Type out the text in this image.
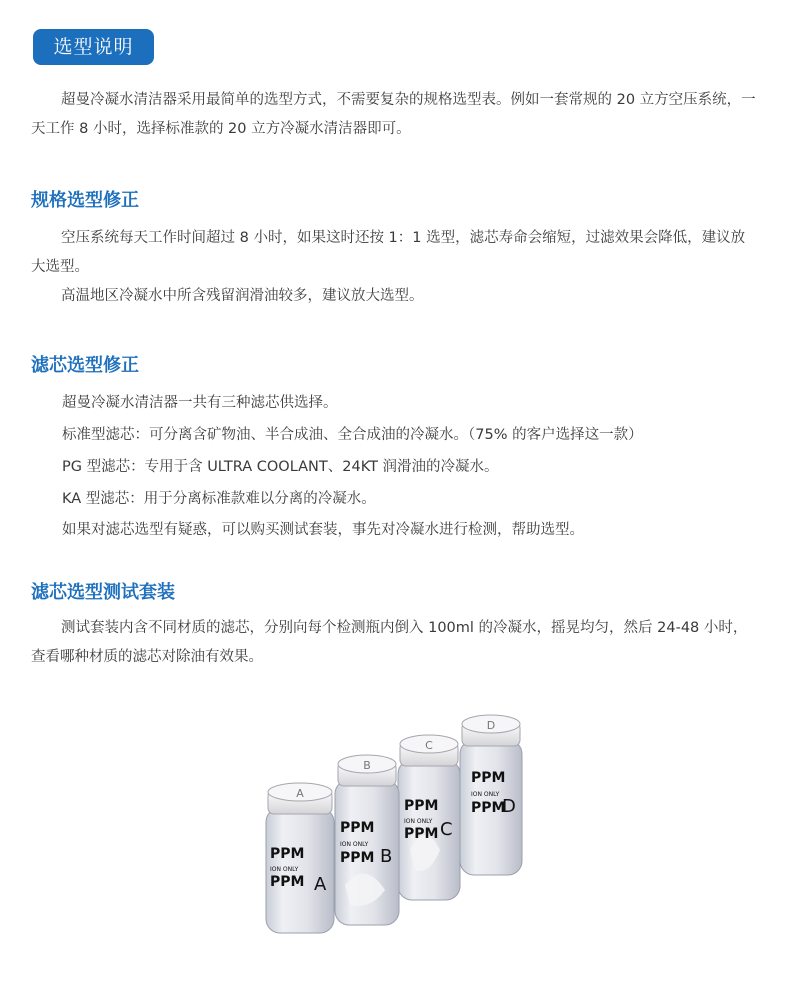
选型说明
超曼冷凝水清洁器采用最简单的选型方式，不需要复杂的规格选型表。例如一套常规的 20 立方空压系统，一天工作 8 小时，选择标准款的 20 立方冷凝水清洁器即可。
规格选型修正
空压系统每天工作时间超过 8 小时，如果这时还按 1：1 选型，滤芯寿命会缩短，过滤效果会降低，建议放大选型。
高温地区冷凝水中所含残留润滑油较多，建议放大选型。
滤芯选型修正
超曼冷凝水清洁器一共有三种滤芯供选择。
标准型滤芯：可分离含矿物油、半合成油、全合成油的冷凝水。（75% 的客户选择这一款）
PG 型滤芯：专用于含 ULTRA COOLANT、24KT 润滑油的冷凝水。
KA 型滤芯：用于分离标准款难以分离的冷凝水。
如果对滤芯选型有疑惑，可以购买测试套装，事先对冷凝水进行检测，帮助选型。
滤芯选型测试套装
测试套装内含不同材质的滤芯，分别向每个检测瓶内倒入 100ml 的冷凝水，摇晃均匀，然后 24-48 小时，查看哪种材质的滤芯对除油有效果。
D
PPM
ION ONLY
PPM
D
C
PPM
ION ONLY
PPM C
B
PPM
ION ONLY
PPM B
A
PPM
ION ONLY
PPM A
